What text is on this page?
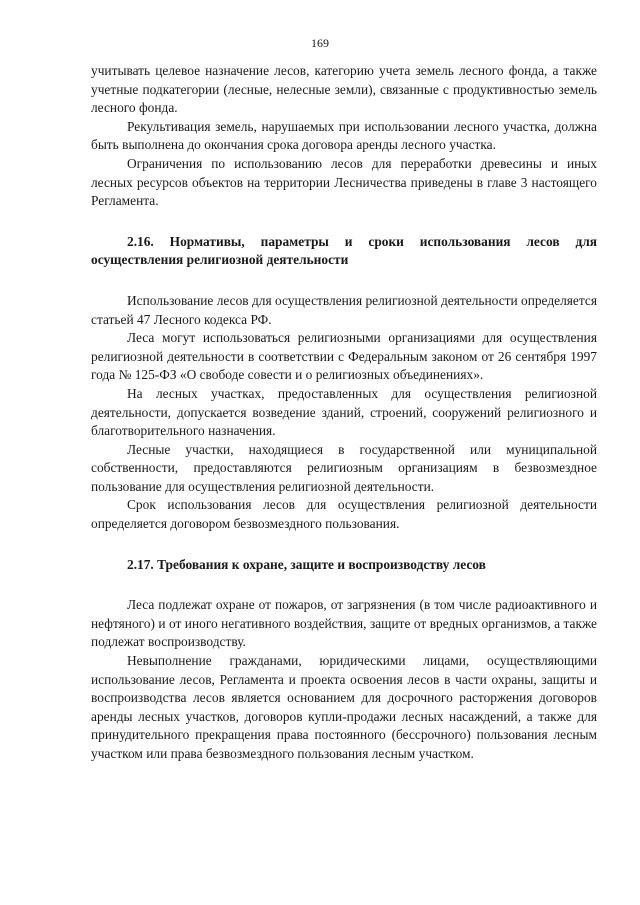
169

учитывать целевое назначение лесов, категорию учета земель лесного фонда, а также учетные подкатегории (лесные, нелесные земли), связанные с продуктивностью земель лесного фонда.

Рекультивация земель, нарушаемых при использовании лесного участка, должна быть выполнена до окончания срока договора аренды лесного участка.

Ограничения по использованию лесов для переработки древесины и иных лесных ресурсов объектов на территории Лесничества приведены в главе 3 настоящего Регламента.

2.16. Нормативы, параметры и сроки использования лесов для осуществления религиозной деятельности

Использование лесов для осуществления религиозной деятельности определяется статьей 47 Лесного кодекса РФ.

Леса могут использоваться религиозными организациями для осуществления религиозной деятельности в соответствии с Федеральным законом от 26 сентября 1997 года № 125-ФЗ «О свободе совести и о религиозных объединениях».

На лесных участках, предоставленных для осуществления религиозной деятельности, допускается возведение зданий, строений, сооружений религиозного и благотворительного назначения.

Лесные участки, находящиеся в государственной или муниципальной собственности, предоставляются религиозным организациям в безвозмездное пользование для осуществления религиозной деятельности.

Срок использования лесов для осуществления религиозной деятельности определяется договором безвозмездного пользования.

2.17. Требования к охране, защите и воспроизводству лесов

Леса подлежат охране от пожаров, от загрязнения (в том числе радиоактивного и нефтяного) и от иного негативного воздействия, защите от вредных организмов, а также подлежат воспроизводству.

Невыполнение гражданами, юридическими лицами, осуществляющими использование лесов, Регламента и проекта освоения лесов в части охраны, защиты и воспроизводства лесов является основанием для досрочного расторжения договоров аренды лесных участков, договоров купли-продажи лесных насаждений, а также для принудительного прекращения права постоянного (бессрочного) пользования лесным участком или права безвозмездного пользования лесным участком.
